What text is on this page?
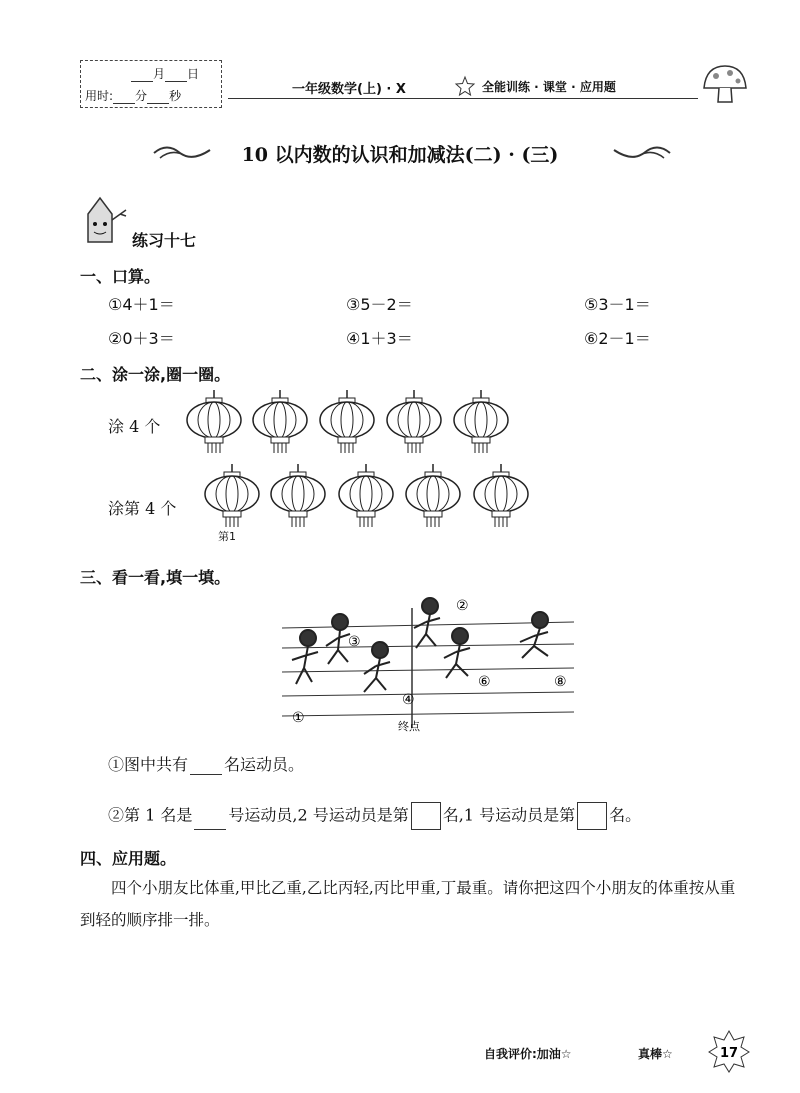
月 日
用时: 分 秒	一年级数学(上) · X	全能训练 · 课堂 · 应用题
10 以内数的认识和加减法(二) · (三)
练习十七
一、口算。
①4＋1＝	③5－2＝	⑤3－1＝
②0＋3＝	④1＋3＝	⑥2－1＝
二、涂一涂,圈一圈。
涂 4 个
涂第 4 个
第1
三、看一看,填一填。
①
②
③
④
⑥	⑧
终点
①图中共有 名运动员。
②第 1 名是 号运动员,2 号运动员是第 名,1 号运动员是第 名。
四、应用题。
四个小朋友比体重,甲比乙重,乙比丙轻,丙比甲重,丁最重。请你把这四个小朋友的体重按从重到轻的顺序排一排。
自我评价:加油☆	真棒☆	17
